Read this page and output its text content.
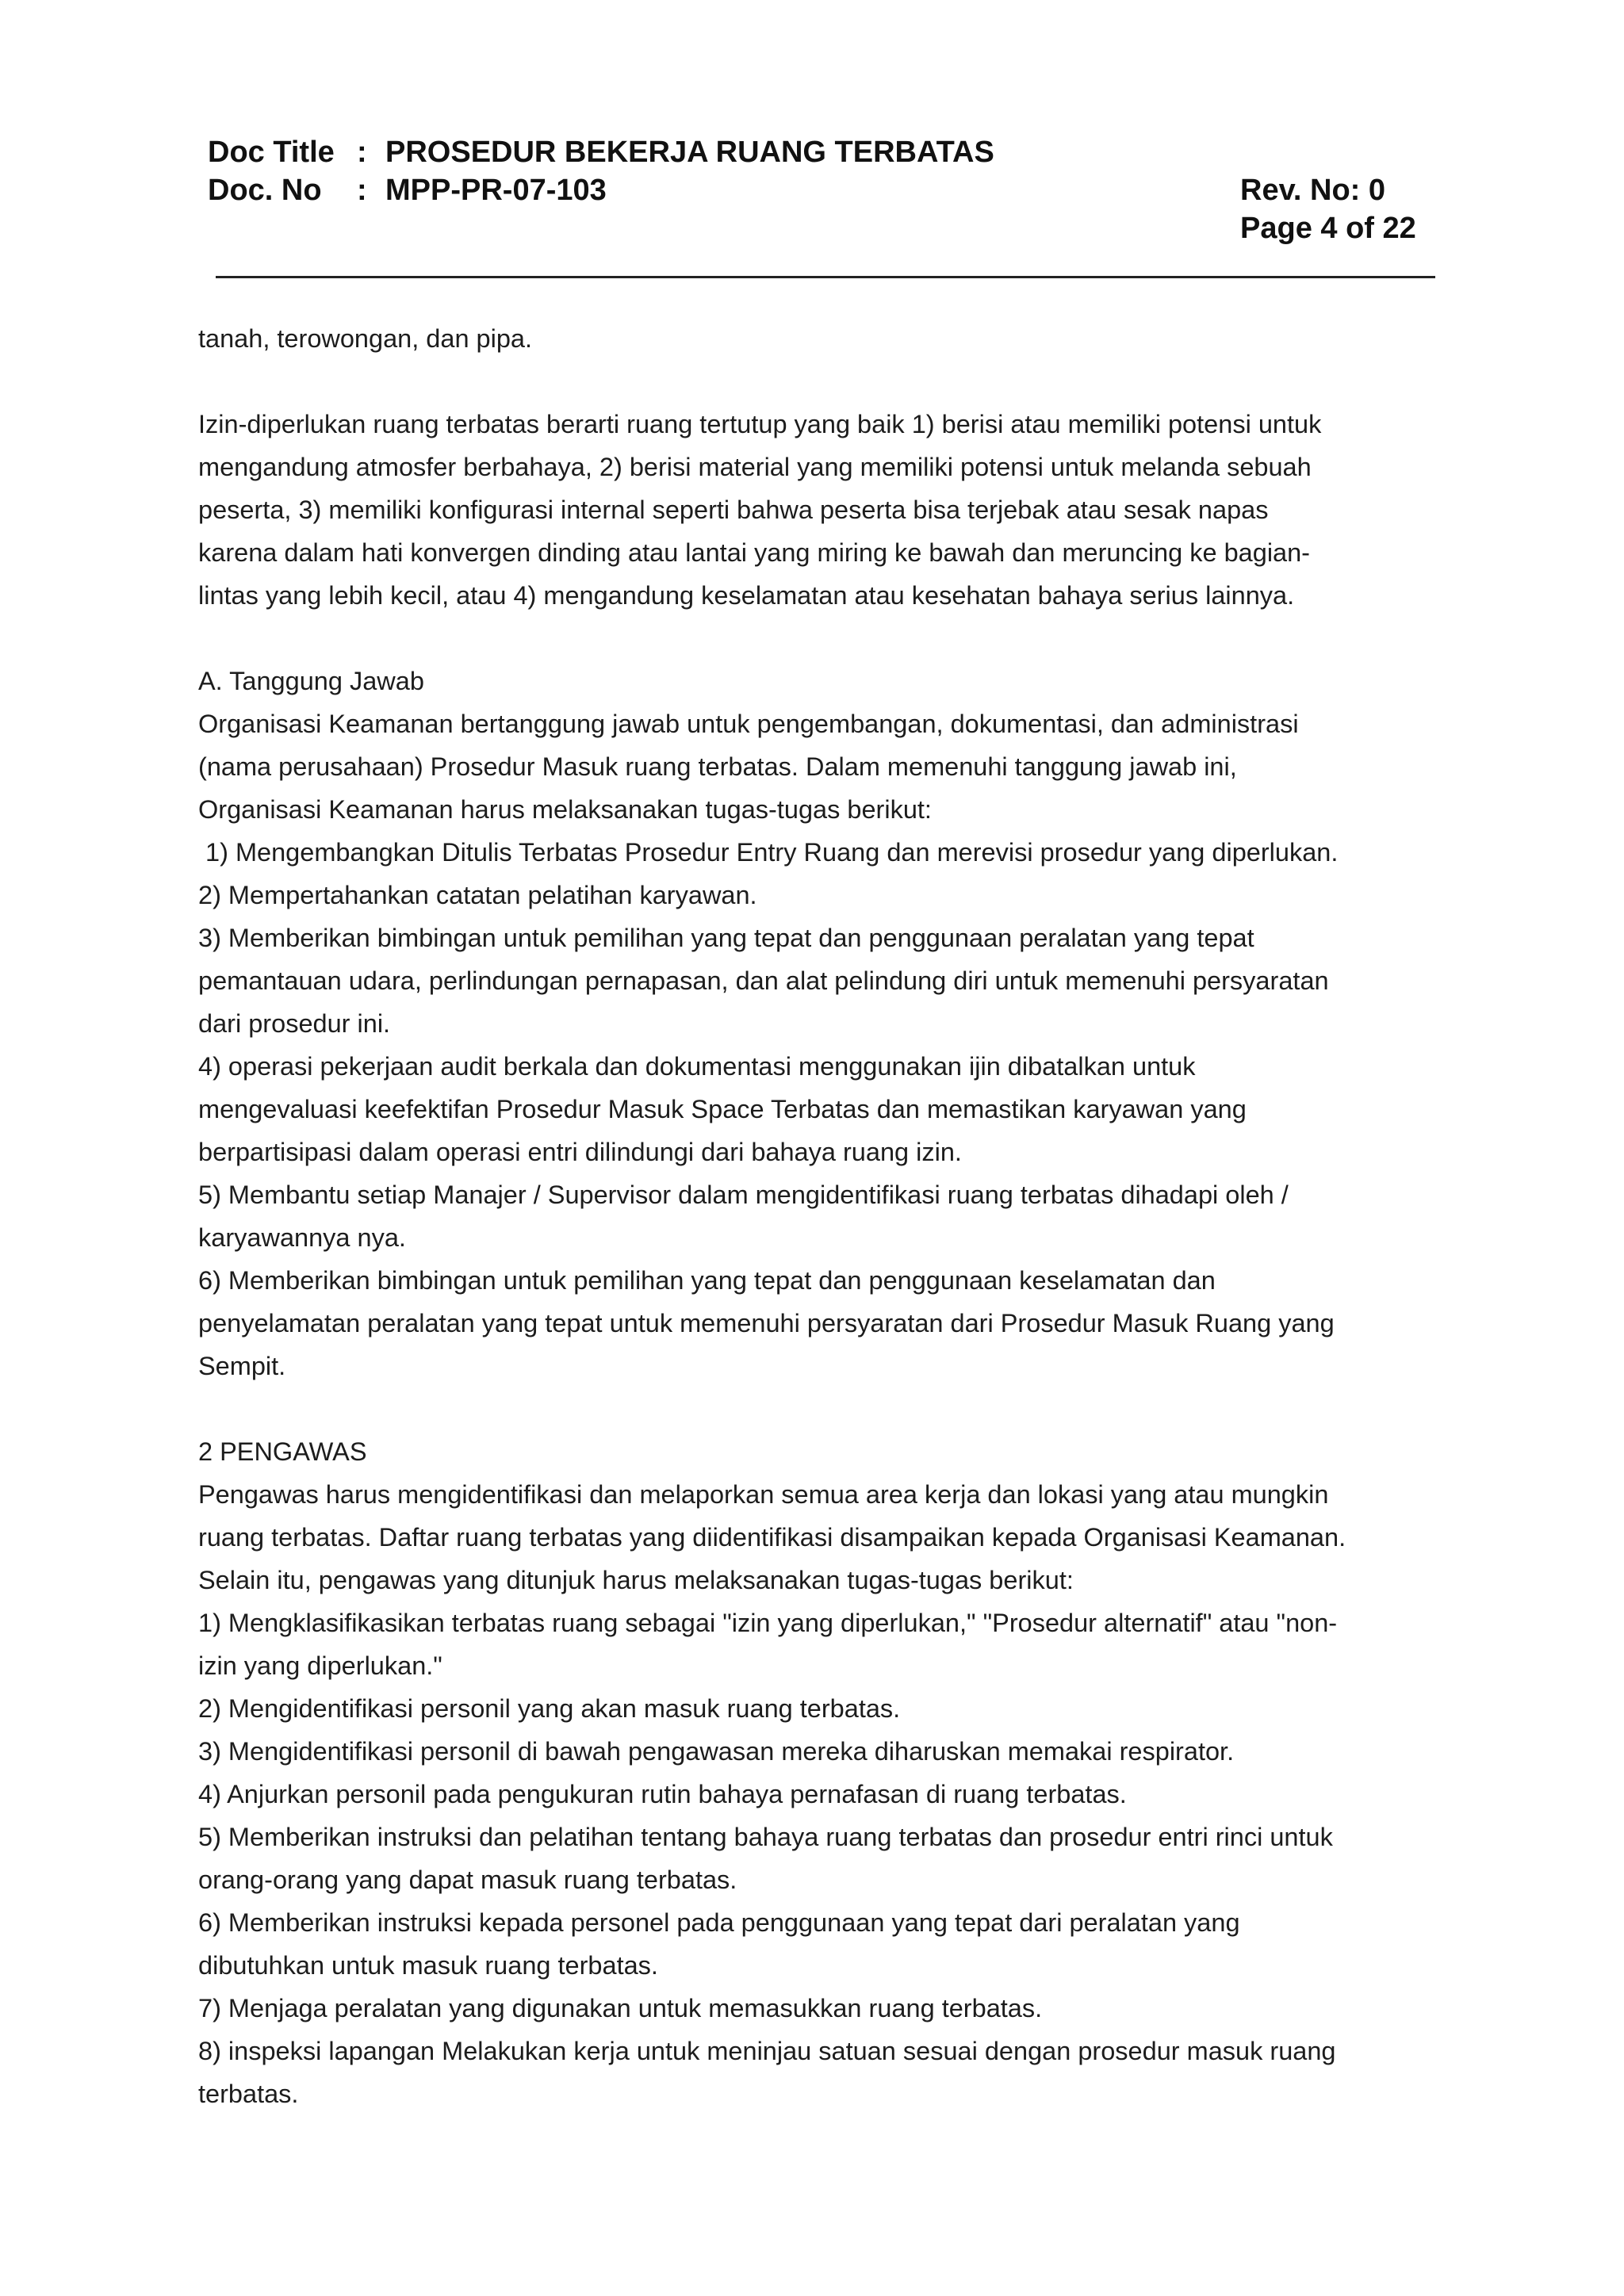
Doc Title : PROSEDUR BEKERJA RUANG TERBATAS
Doc. No	: MPP-PR-07-103	Rev. No: 0
Page 4 of 22

tanah, terowongan, dan pipa.

Izin-diperlukan ruang terbatas berarti ruang tertutup yang baik 1) berisi atau memiliki potensi untuk

mengandung atmosfer berbahaya, 2) berisi material yang memiliki potensi untuk melanda sebuah

peserta, 3) memiliki konfigurasi internal seperti bahwa peserta bisa terjebak atau sesak napas

karena dalam hati konvergen dinding atau lantai yang miring ke bawah dan meruncing ke bagian-

lintas yang lebih kecil, atau 4) mengandung keselamatan atau kesehatan bahaya serius lainnya.

A. Tanggung Jawab

Organisasi Keamanan bertanggung jawab untuk pengembangan, dokumentasi, dan administrasi

(nama perusahaan) Prosedur Masuk ruang terbatas. Dalam memenuhi tanggung jawab ini,

Organisasi Keamanan harus melaksanakan tugas-tugas berikut:

1) Mengembangkan Ditulis Terbatas Prosedur Entry Ruang dan merevisi prosedur yang diperlukan.

2) Mempertahankan catatan pelatihan karyawan.

3) Memberikan bimbingan untuk pemilihan yang tepat dan penggunaan peralatan yang tepat

pemantauan udara, perlindungan pernapasan, dan alat pelindung diri untuk memenuhi persyaratan

dari prosedur ini.

4) operasi pekerjaan audit berkala dan dokumentasi menggunakan ijin dibatalkan untuk

mengevaluasi keefektifan Prosedur Masuk Space Terbatas dan memastikan karyawan yang

berpartisipasi dalam operasi entri dilindungi dari bahaya ruang izin.

5) Membantu setiap Manajer / Supervisor dalam mengidentifikasi ruang terbatas dihadapi oleh /

karyawannya nya.

6) Memberikan bimbingan untuk pemilihan yang tepat dan penggunaan keselamatan dan

penyelamatan peralatan yang tepat untuk memenuhi persyaratan dari Prosedur Masuk Ruang yang

Sempit.

2 PENGAWAS

Pengawas harus mengidentifikasi dan melaporkan semua area kerja dan lokasi yang atau mungkin

ruang terbatas. Daftar ruang terbatas yang diidentifikasi disampaikan kepada Organisasi Keamanan.

Selain itu, pengawas yang ditunjuk harus melaksanakan tugas-tugas berikut:

1) Mengklasifikasikan terbatas ruang sebagai "izin yang diperlukan," "Prosedur alternatif" atau "non-

izin yang diperlukan."

2) Mengidentifikasi personil yang akan masuk ruang terbatas.

3) Mengidentifikasi personil di bawah pengawasan mereka diharuskan memakai respirator.

4) Anjurkan personil pada pengukuran rutin bahaya pernafasan di ruang terbatas.

5) Memberikan instruksi dan pelatihan tentang bahaya ruang terbatas dan prosedur entri rinci untuk

orang-orang yang dapat masuk ruang terbatas.

6) Memberikan instruksi kepada personel pada penggunaan yang tepat dari peralatan yang

dibutuhkan untuk masuk ruang terbatas.

7) Menjaga peralatan yang digunakan untuk memasukkan ruang terbatas.

8) inspeksi lapangan Melakukan kerja untuk meninjau satuan sesuai dengan prosedur masuk ruang

terbatas.
